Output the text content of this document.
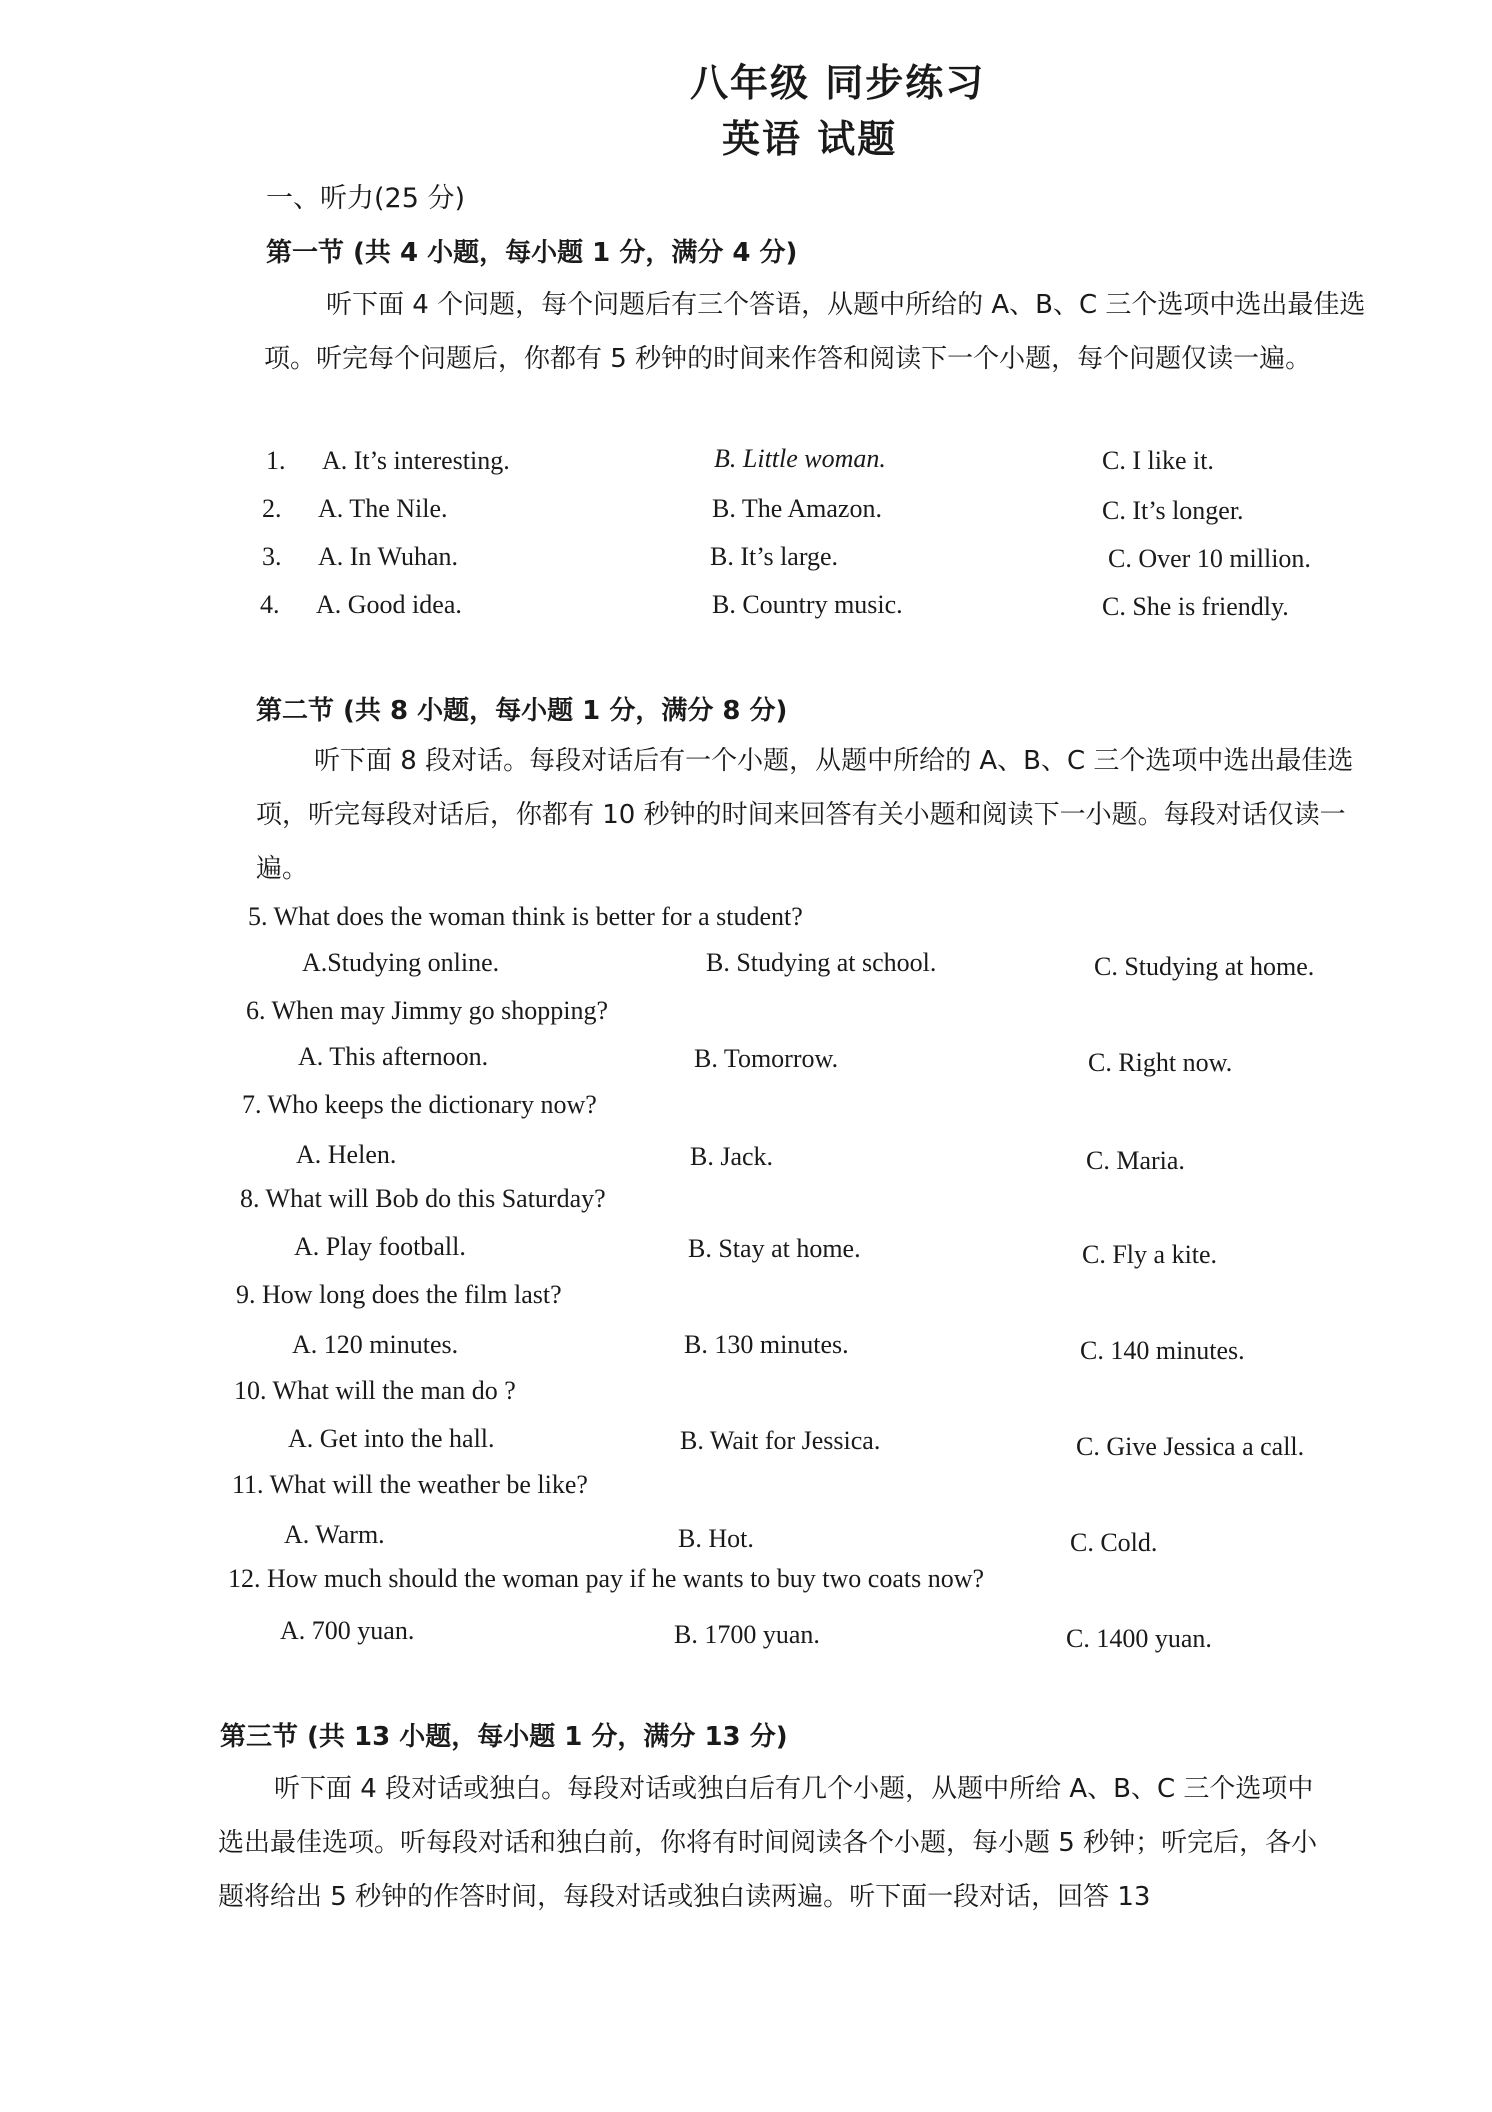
八年级 同步练习
英语 试题
一、听力(25 分)
第一节 (共 4 小题，每小题 1 分，满分 4 分)
听下面 4 个问题，每个问题后有三个答语，从题中所给的 A、B、C 三个选项中选出最佳选项。听完每个问题后，你都有 5 秒钟的时间来作答和阅读下一个小题，每个问题仅读一遍。
1. A. It’s interesting.	B. Little woman.	C. I like it.
2. A. The Nile.	B. The Amazon.	C. It’s longer.
3. A. In Wuhan.	B. It’s large.	C. Over 10 million.
4. A. Good idea.	B. Country music.	C. She is friendly.
第二节 (共 8 小题，每小题 1 分，满分 8 分)
听下面 8 段对话。每段对话后有一个小题，从题中所给的 A、B、C 三个选项中选出最佳选项，听完每段对话后，你都有 10 秒钟的时间来回答有关小题和阅读下一小题。每段对话仅读一遍。
5. What does the woman think is better for a student?
A.Studying online.	B. Studying at school.	C. Studying at home.
6. When may Jimmy go shopping?
A. This afternoon.	B. Tomorrow.	C. Right now.
7. Who keeps the dictionary now?
A. Helen.	B. Jack.	C. Maria.
8. What will Bob do this Saturday?
A. Play football.	B. Stay at home.	C. Fly a kite.
9. How long does the film last?
A. 120 minutes.	B. 130 minutes.	C. 140 minutes.
10. What will the man do ?
A. Get into the hall.	B. Wait for Jessica.	C. Give Jessica a call.
11. What will the weather be like?
A. Warm.	B. Hot.	C. Cold.
12. How much should the woman pay if he wants to buy two coats now?
A. 700 yuan.	B. 1700 yuan.	C. 1400 yuan.
第三节 (共 13 小题，每小题 1 分，满分 13 分)
听下面 4 段对话或独白。每段对话或独白后有几个小题，从题中所给 A、B、C 三个选项中选出最佳选项。听每段对话和独白前，你将有时间阅读各个小题，每小题 5 秒钟；听完后，各小题将给出 5 秒钟的作答时间，每段对话或独白读两遍。听下面一段对话，回答 13
